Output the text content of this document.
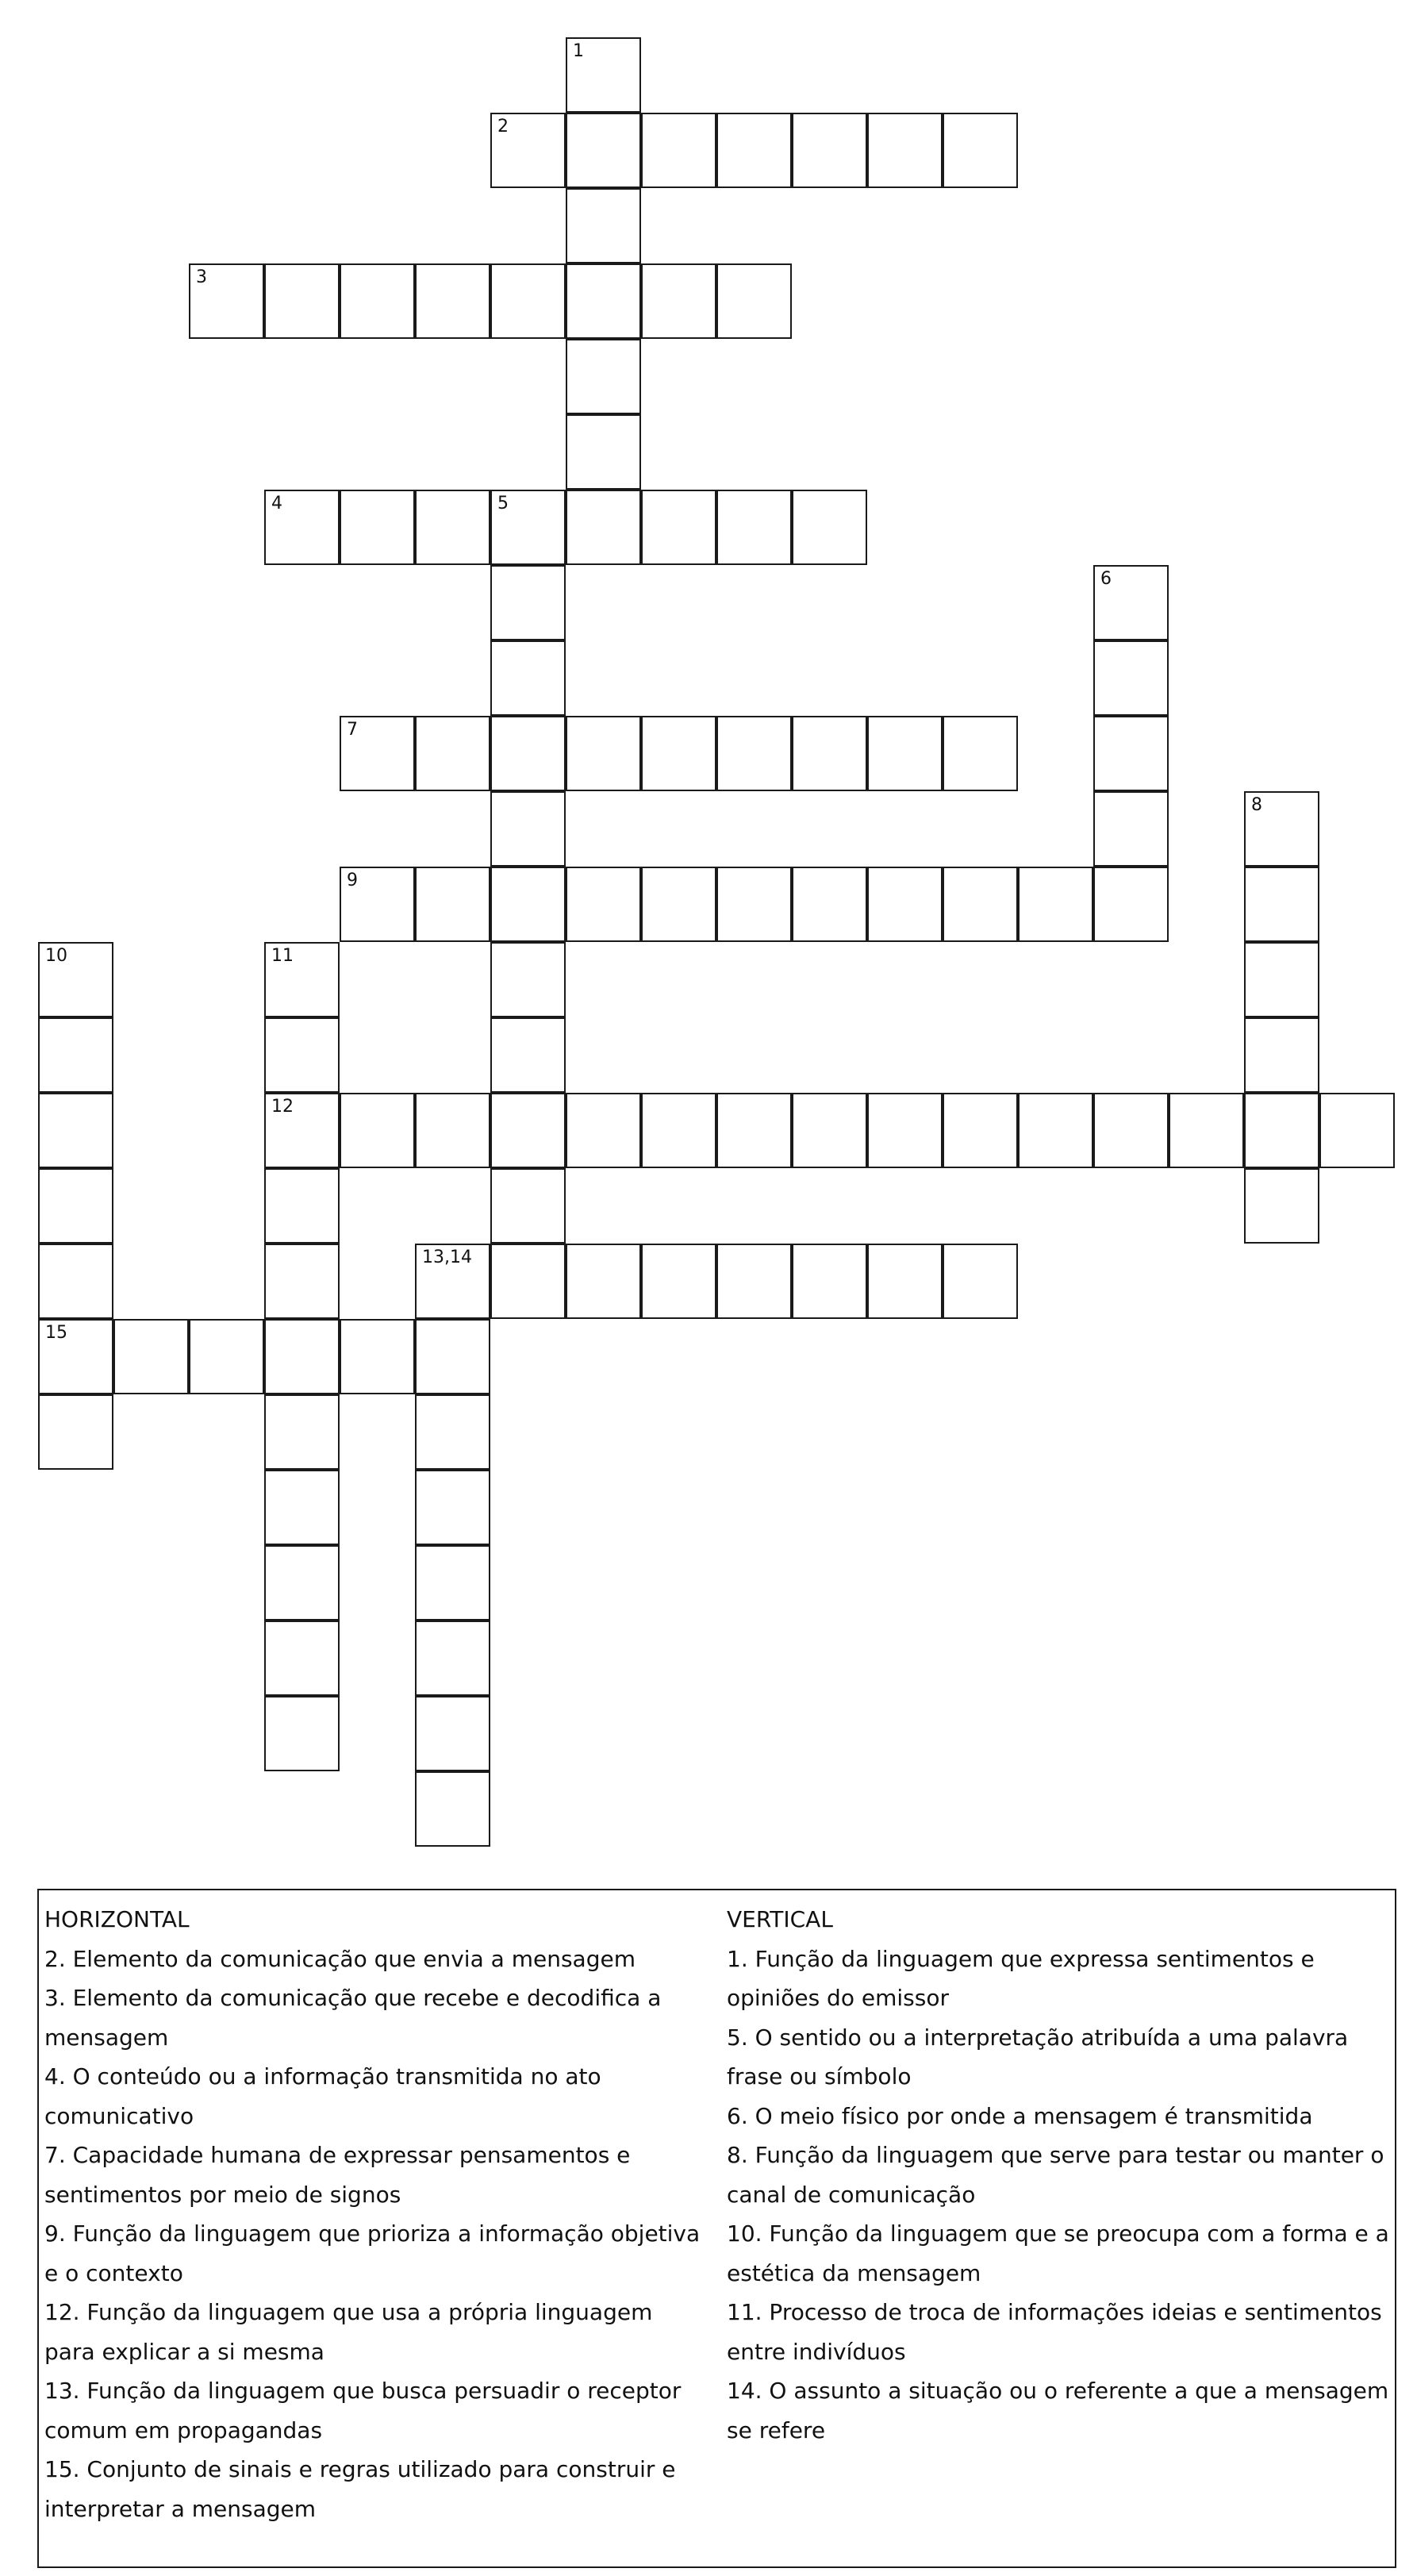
1
2
3
4	5
6
7
8
9
10
15
11
12
13,14
HORIZONTAL
2. Elemento da comunicação que envia a mensagem
3. Elemento da comunicação que recebe e decodifica a mensagem
4. O conteúdo ou a informação transmitida no ato comunicativo
7. Capacidade humana de expressar pensamentos e sentimentos por meio de signos
9. Função da linguagem que prioriza a informação objetiva e o contexto
12. Função da linguagem que usa a própria linguagem para explicar a si mesma
13. Função da linguagem que busca persuadir o receptor comum em propagandas
15. Conjunto de sinais e regras utilizado para construir e interpretar a mensagem
VERTICAL
1. Função da linguagem que expressa sentimentos e opiniões do emissor
5. O sentido ou a interpretação atribuída a uma palavra frase ou símbolo
6. O meio físico por onde a mensagem é transmitida
8. Função da linguagem que serve para testar ou manter o canal de comunicação
10. Função da linguagem que se preocupa com a forma e a estética da mensagem
11. Processo de troca de informações ideias e sentimentos entre indivíduos
14. O assunto a situação ou o referente a que a mensagem se refere
